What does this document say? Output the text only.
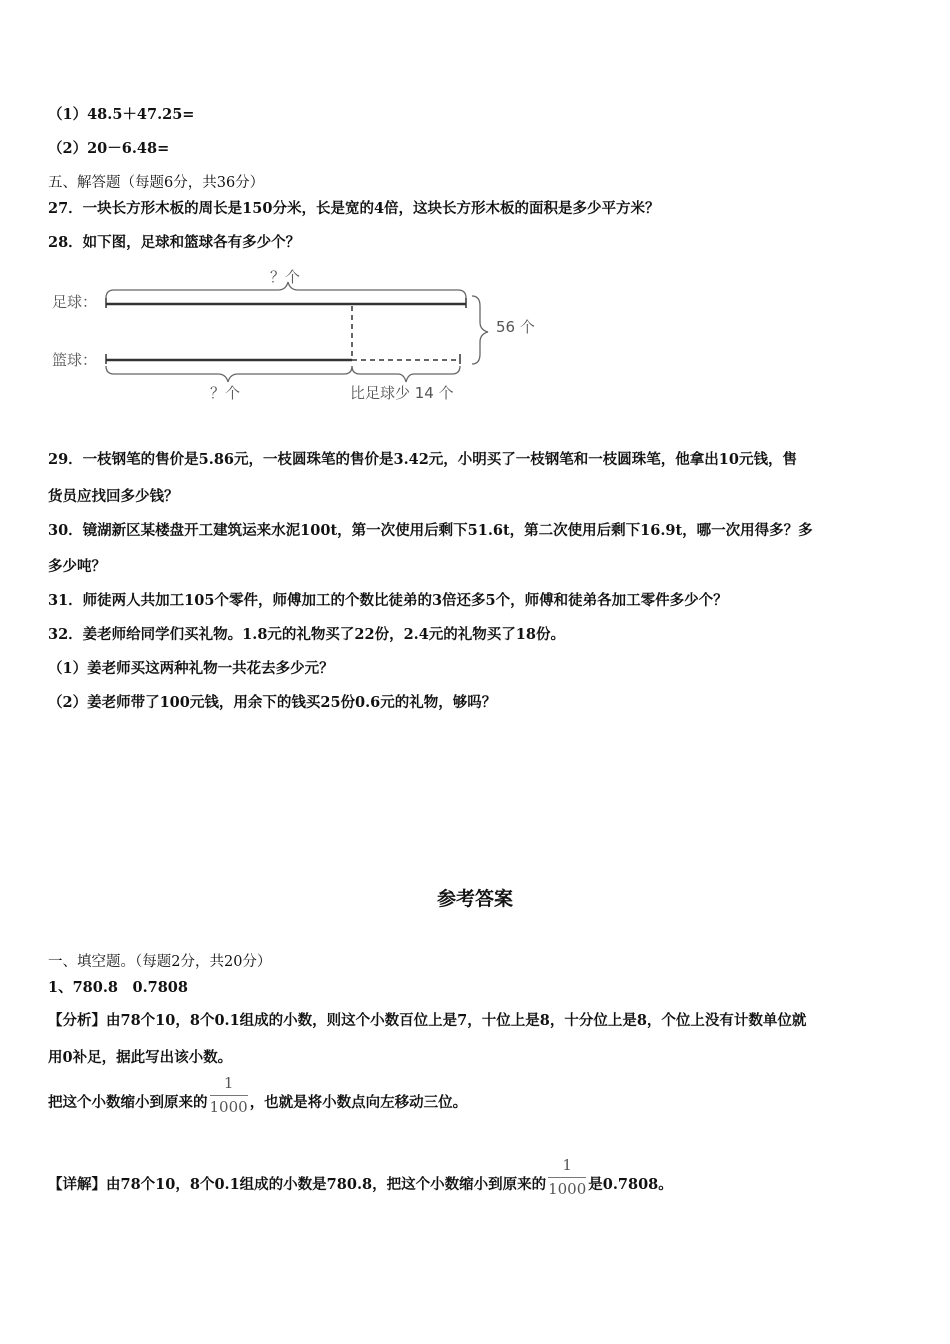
（1）48.5＋47.25=
（2）20－6.48=
五、解答题（每题6分，共36分）
27．一块长方形木板的周长是150分米，长是宽的4倍，这块长方形木板的面积是多少平方米？
28．如下图，足球和篮球各有多少个？
？个
足球：
56 个
篮球：
？个	比足球少 14 个
29．一枝钢笔的售价是5.86元，一枝圆珠笔的售价是3.42元，小明买了一枝钢笔和一枝圆珠笔，他拿出10元钱，售
货员应找回多少钱？
30．镜湖新区某楼盘开工建筑运来水泥100t，第一次使用后剩下51.6t，第二次使用后剩下16.9t，哪一次用得多？多
多少吨？
31．师徒两人共加工105个零件，师傅加工的个数比徒弟的3倍还多5个，师傅和徒弟各加工零件多少个？
32．姜老师给同学们买礼物。1.8元的礼物买了22份，2.4元的礼物买了18份。
（1）姜老师买这两种礼物一共花去多少元？
（2）姜老师带了100元钱，用余下的钱买25份0.6元的礼物，够吗？
参考答案
一、填空题。（每题2分，共20分）
1、780.8　0.7808
【分析】由78个10，8个0.1组成的小数，则这个小数百位上是7，十位上是8，十分位上是8，个位上没有计数单位就
用0补足，据此写出该小数。
把这个小数缩小到原来的 $\frac{1}{1000}$ ，也就是将小数点向左移动三位。
【详解】由78个10，8个0.1组成的小数是780.8，把这个小数缩小到原来的 $\frac{1}{1000}$ 是0.7808。
